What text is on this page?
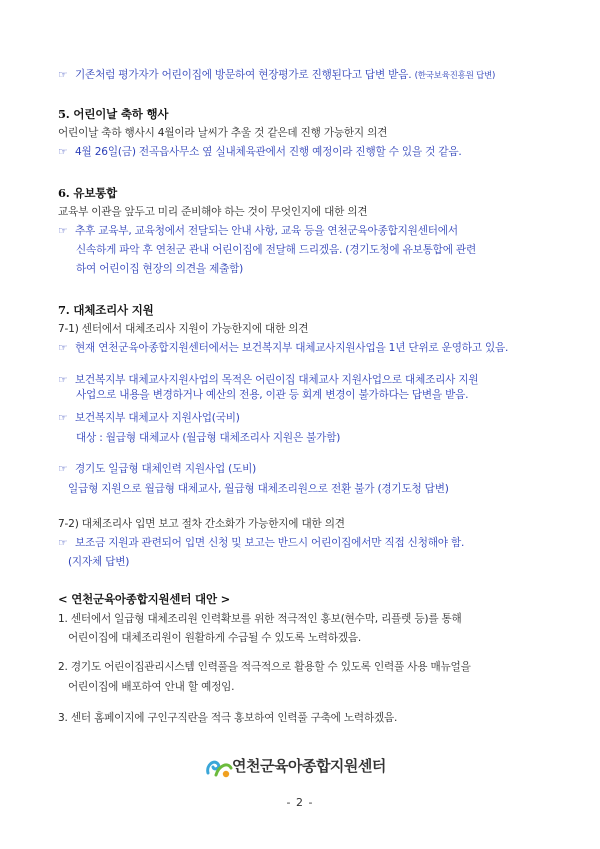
☞ 기존처럼 평가자가 어린이집에 방문하여 현장평가로 진행된다고 답변 받음. (한국보육진흥원 답변)
5. 어린이날 축하 행사
어린이날 축하 행사시 4월이라 날씨가 추울 것 같은데 진행 가능한지 의견
☞ 4월 26일(금) 전곡읍사무소 옆 실내체육관에서 진행 예정이라 진행할 수 있을 것 같음.
6. 유보통합
교육부 이관을 앞두고 미리 준비해야 하는 것이 무엇인지에 대한 의견
☞ 추후 교육부, 교육청에서 전달되는 안내 사항, 교육 등을 연천군육아종합지원센터에서
신속하게 파악 후 연천군 관내 어린이집에 전달해 드리겠음. (경기도청에 유보통합에 관련
하여 어린이집 현장의 의견을 제출함)
7. 대체조리사 지원
7-1) 센터에서 대체조리사 지원이 가능한지에 대한 의견
☞ 현재 연천군육아종합지원센터에서는 보건복지부 대체교사지원사업을 1년 단위로 운영하고 있음.
☞ 보건복지부 대체교사지원사업의 목적은 어린이집 대체교사 지원사업으로 대체조리사 지원
사업으로 내용을 변경하거나 예산의 전용, 이관 등 회계 변경이 불가하다는 답변을 받음.
☞ 보건복지부 대체교사 지원사업(국비)
대상 : 월급형 대체교사 (월급형 대체조리사 지원은 불가함)
☞ 경기도 일급형 대체인력 지원사업 (도비)
일급형 지원으로 월급형 대체교사, 월급형 대체조리원으로 전환 불가 (경기도청 답변)
7-2) 대체조리사 입면 보고 절차 간소화가 가능한지에 대한 의견
☞ 보조금 지원과 관련되어 입면 신청 및 보고는 반드시 어린이집에서만 직접 신청해야 함.
(지자체 답변)
< 연천군육아종합지원센터 대안 >
1. 센터에서 일급형 대체조리원 인력확보를 위한 적극적인 홍보(현수막, 리플렛 등)를 통해
어린이집에 대체조리원이 원활하게 수급될 수 있도록 노력하겠음.
2. 경기도 어린이집관리시스템 인력풀을 적극적으로 활용할 수 있도록 인력풀 사용 매뉴얼을
어린이집에 배포하여 안내 할 예정임.
3. 센터 홈페이지에 구인구직란을 적극 홍보하여 인력풀 구축에 노력하겠음.
연천군육아종합지원센터
- 2 -
